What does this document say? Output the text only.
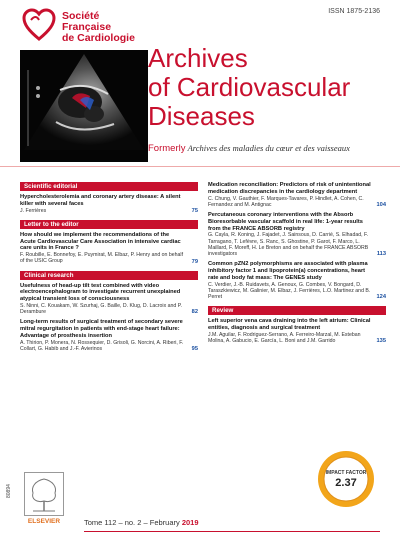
Société
Française
de Cardiologie
ISSN 1875-2136
Archives
of Cardiovascular
Diseases
Formerly Archives des maladies du cœur et des vaisseaux
Scientific editorial
Hypercholesterolemia and coronary artery disease: A silent killer with several faces
J. Ferrières	75
Letter to the editor
How should we implement the recommendations of the Acute Cardiovascular Care Association in intensive cardiac care units in France ?
F. Roubille, E. Bonnefoy, E. Puymirat, M. Elbaz, P. Henry and on behalf of the USIC Group	79
Clinical research
Usefulness of head-up tilt test combined with video electroencephalogram to investigate recurrent unexplained atypical transient loss of consciousness
S. Ninni, C. Kouakam, W. Szurhaj, G. Baille, D. Klug, D. Lacroix and P. Derambure	82
Long-term results of surgical treatment of secondary severe mitral regurgitation in patients with end-stage heart failure: Advantage of prosthesis insertion
A. Thirion, P. Monera, N. Rossequier, D. Grisoli, G. Norcini, A. Riberi, F. Collart, G. Habib and J.-F. Avierinos	95
Medication reconciliation: Predictors of risk of unintentional medication discrepancies in the cardiology department
C. Chung, V. Gauthier, F. Marques-Tavares, P. Hindlet, A. Cohen, C. Fernandez and M. Antignac	104
Percutaneous coronary interventions with the Absorb Bioresorbable vascular scaffold in real life: 1-year results from the FRANCE ABSORB registry
G. Cayla, R. Koning, J. Fajadet, J. Sainsous, D. Carrié, S. Elhadad, F. Tarragano, T. Lefèvre, S. Ranc, S. Ghostine, P. Garot, F. Marco, L. Maillard, F. Moreff, H. Le Breton and on behalf the FRANCE ABSORB investigators	113
Common pZN2 polymorphisms are associated with plasma inhibitory factor 1 and lipoprotein(a) concentrations, heart rate and body fat mass: The GENES study
C. Verdier, J.-B. Ruidavets, A. Genoux, G. Combes, V. Bongard, D. Taraszkiewicz, M. Galinier, M. Elbaz, J. Ferrières, L.O. Martinez and B. Perret	124
Review
Left superior vena cava draining into the left atrium: Clinical entities, diagnosis and surgical treatment
J.M. Aguilar, F. Rodriguez-Serrano, A. Ferreiro-Marzal, M. Esteban Molina, A. Gabucio, E. García, L. Boni and J.M. Garrido	135
IMPACT FACTOR
2.37
ELSEVIER
80894
Tome 112 – no. 2 – February 2019
